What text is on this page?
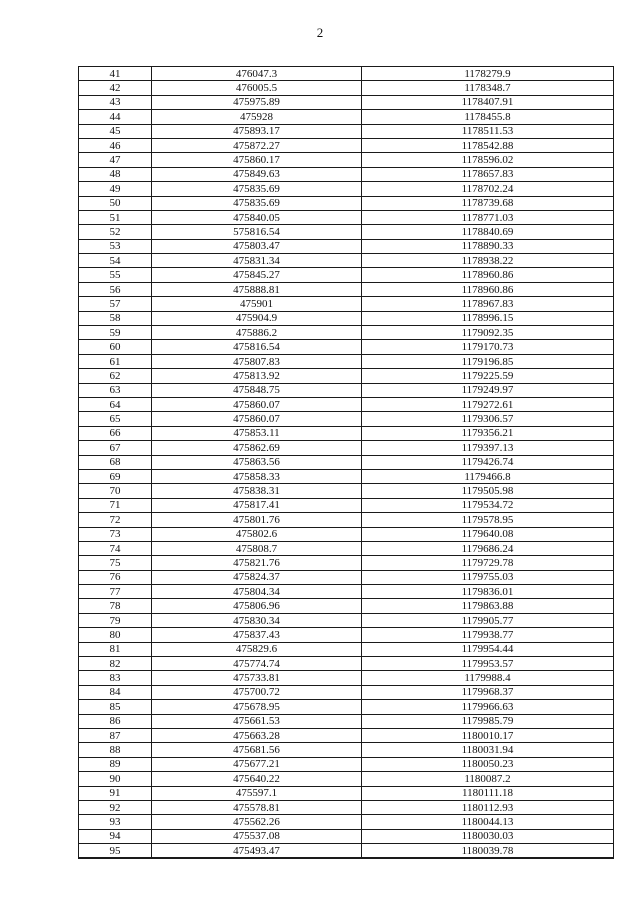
2
41	476047.3	1178279.9
42	476005.5	1178348.7
43	475975.89	1178407.91
44	475928	1178455.8
45	475893.17	1178511.53
46	475872.27	1178542.88
47	475860.17	1178596.02
48	475849.63	1178657.83
49	475835.69	1178702.24
50	475835.69	1178739.68
51	475840.05	1178771.03
52	575816.54	1178840.69
53	475803.47	1178890.33
54	475831.34	1178938.22
55	475845.27	1178960.86
56	475888.81	1178960.86
57	475901	1178967.83
58	475904.9	1178996.15
59	475886.2	1179092.35
60	475816.54	1179170.73
61	475807.83	1179196.85
62	475813.92	1179225.59
63	475848.75	1179249.97
64	475860.07	1179272.61
65	475860.07	1179306.57
66	475853.11	1179356.21
67	475862.69	1179397.13
68	475863.56	1179426.74
69	475858.33	1179466.8
70	475838.31	1179505.98
71	475817.41	1179534.72
72	475801.76	1179578.95
73	475802.6	1179640.08
74	475808.7	1179686.24
75	475821.76	1179729.78
76	475824.37	1179755.03
77	475804.34	1179836.01
78	475806.96	1179863.88
79	475830.34	1179905.77
80	475837.43	1179938.77
81	475829.6	1179954.44
82	475774.74	1179953.57
83	475733.81	1179988.4
84	475700.72	1179968.37
85	475678.95	1179966.63
86	475661.53	1179985.79
87	475663.28	1180010.17
88	475681.56	1180031.94
89	475677.21	1180050.23
90	475640.22	1180087.2
91	475597.1	1180111.18
92	475578.81	1180112.93
93	475562.26	1180044.13
94	475537.08	1180030.03
95	475493.47	1180039.78
